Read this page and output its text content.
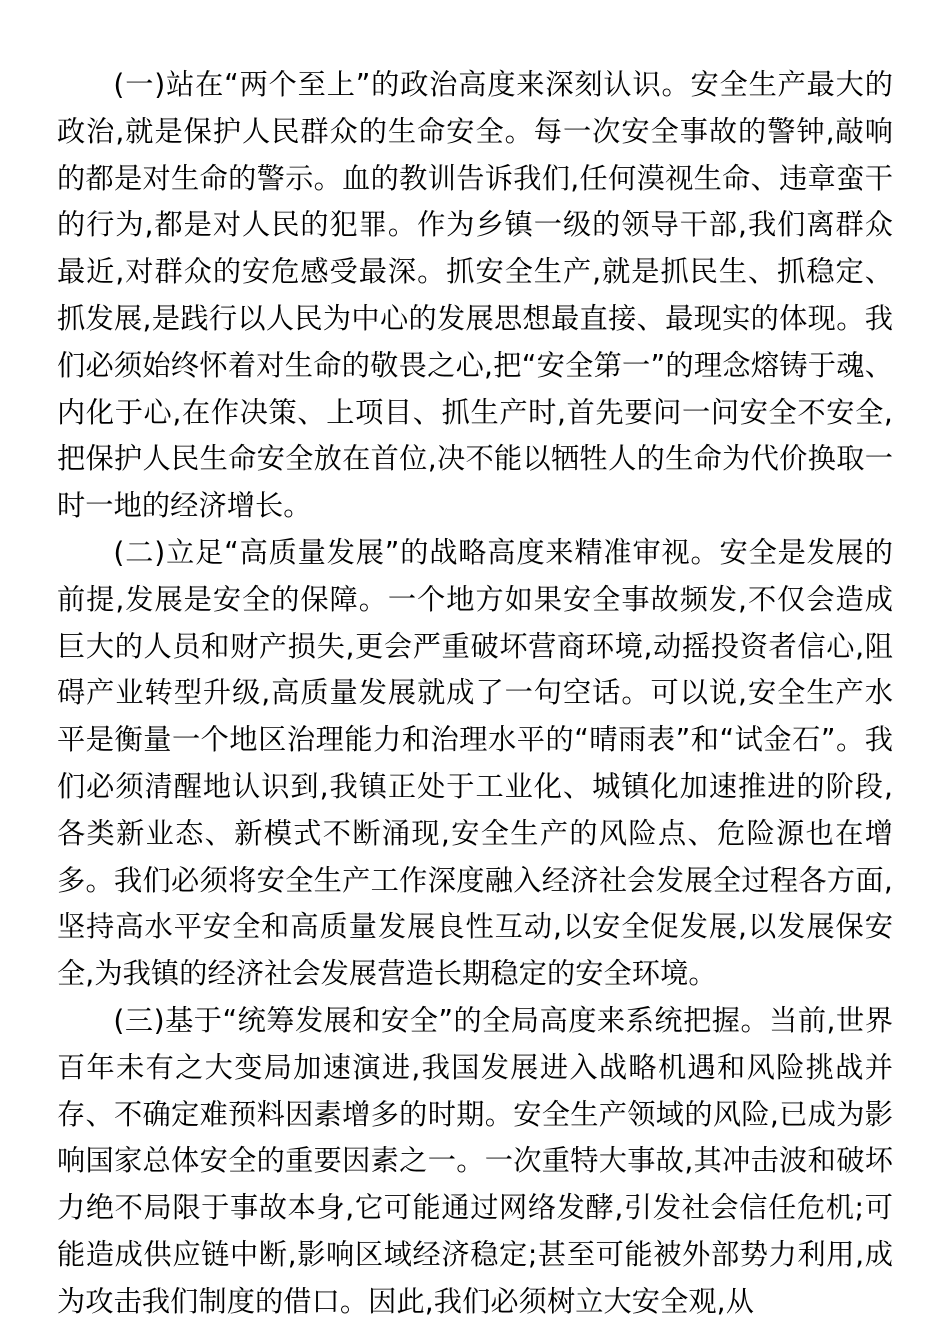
(一)站在“两个至上”的政治高度来深刻认识。安全生产最大的政治,就是保护人民群众的生命安全。每一次安全事故的警钟,敲响的都是对生命的警示。血的教训告诉我们,任何漠视生命、违章蛮干的行为,都是对人民的犯罪。作为乡镇一级的领导干部,我们离群众最近,对群众的安危感受最深。抓安全生产,就是抓民生、抓稳定、抓发展,是践行以人民为中心的发展思想最直接、最现实的体现。我们必须始终怀着对生命的敬畏之心,把“安全第一”的理念熔铸于魂、内化于心,在作决策、上项目、抓生产时,首先要问一问安全不安全,把保护人民生命安全放在首位,决不能以牺牲人的生命为代价换取一时一地的经济增长。

(二)立足“高质量发展”的战略高度来精准审视。安全是发展的前提,发展是安全的保障。一个地方如果安全事故频发,不仅会造成巨大的人员和财产损失,更会严重破坏营商环境,动摇投资者信心,阻碍产业转型升级,高质量发展就成了一句空话。可以说,安全生产水平是衡量一个地区治理能力和治理水平的“晴雨表”和“试金石”。我们必须清醒地认识到,我镇正处于工业化、城镇化加速推进的阶段,各类新业态、新模式不断涌现,安全生产的风险点、危险源也在增多。我们必须将安全生产工作深度融入经济社会发展全过程各方面,坚持高水平安全和高质量发展良性互动,以安全促发展,以发展保安全,为我镇的经济社会发展营造长期稳定的安全环境。

(三)基于“统筹发展和安全”的全局高度来系统把握。当前,世界百年未有之大变局加速演进,我国发展进入战略机遇和风险挑战并存、不确定难预料因素增多的时期。安全生产领域的风险,已成为影响国家总体安全的重要因素之一。一次重特大事故,其冲击波和破坏力绝不局限于事故本身,它可能通过网络发酵,引发社会信任危机;可能造成供应链中断,影响区域经济稳定;甚至可能被外部势力利用,成为攻击我们制度的借口。因此,我们必须树立大安全观,从
